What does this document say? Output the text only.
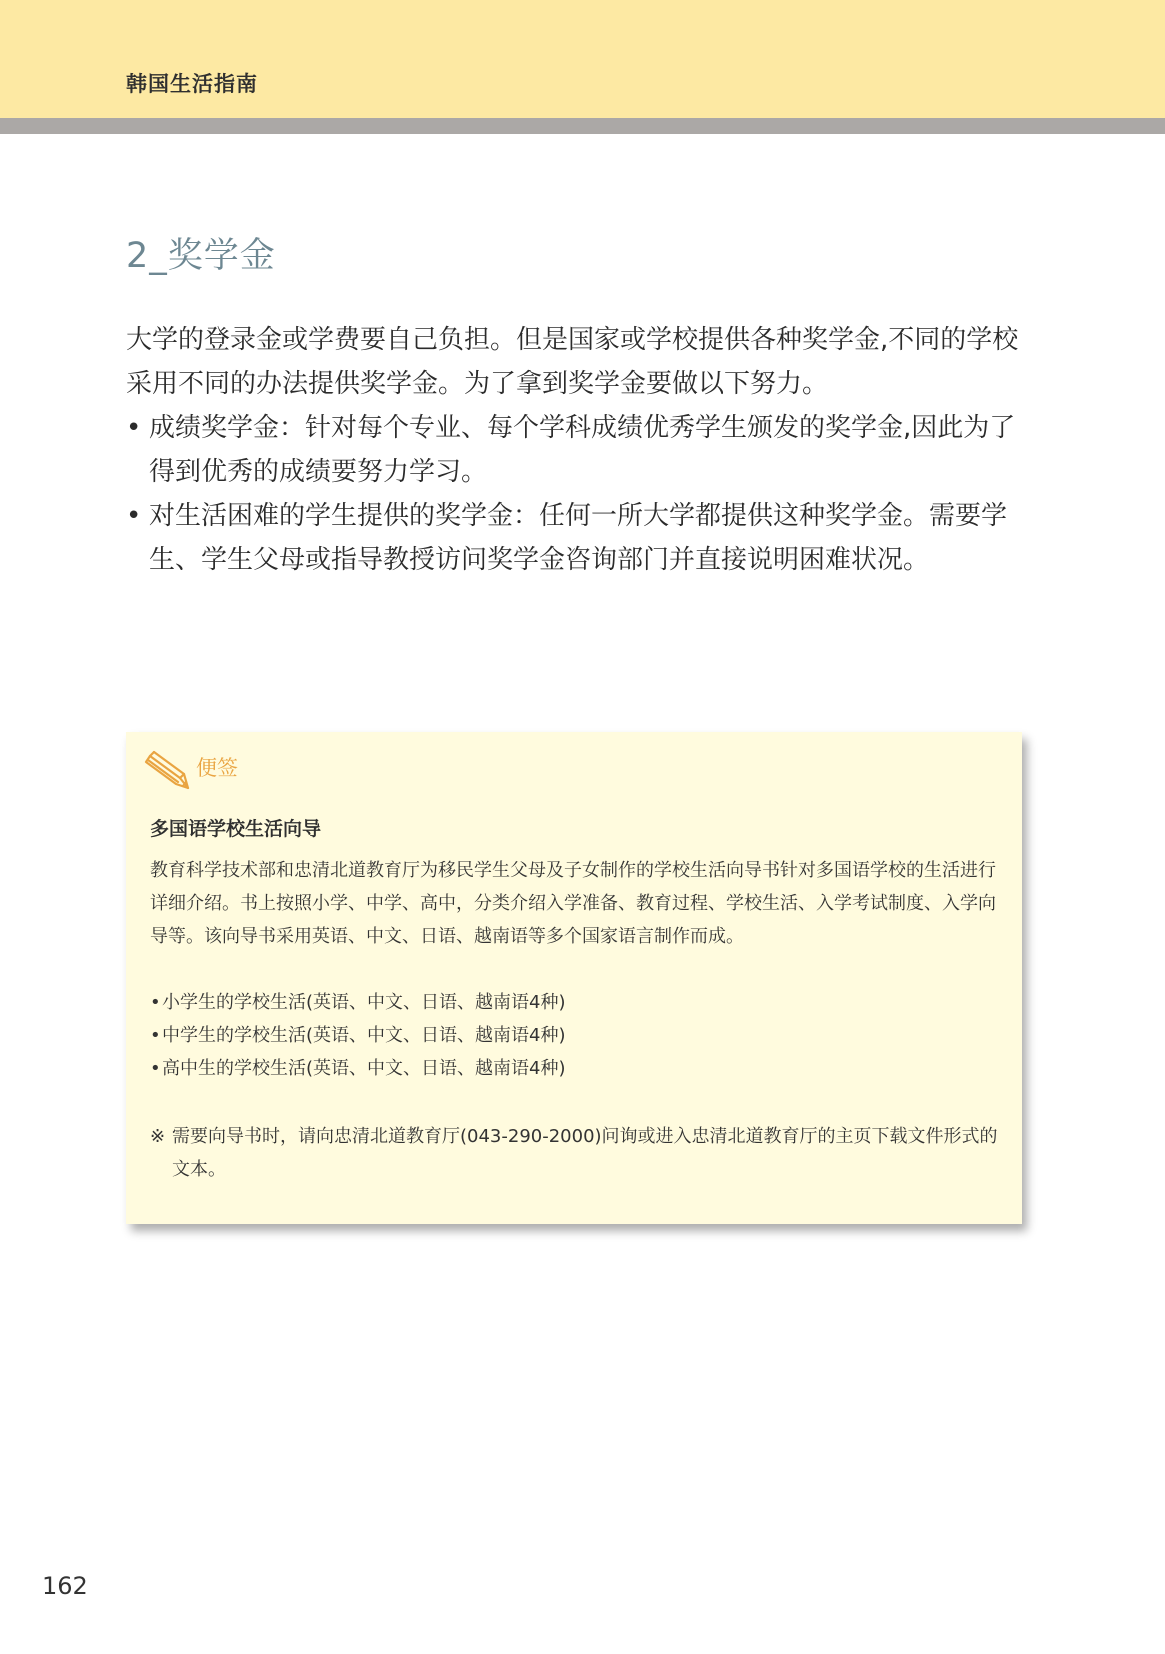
韩国生活指南
2_奖学金

大学的登录金或学费要自己负担。但是国家或学校提供各种奖学金,不同的学校采用不同的办法提供奖学金。为了拿到奖学金要做以下努力。

• 成绩奖学金：针对每个专业、每个学科成绩优秀学生颁发的奖学金,因此为了得到优秀的成绩要努力学习。
• 对生活困难的学生提供的奖学金：任何一所大学都提供这种奖学金。需要学生、学生父母或指导教授访问奖学金咨询部门并直接说明困难状况。
便签
多国语学校生活向导
教育科学技术部和忠清北道教育厅为移民学生父母及子女制作的学校生活向导书针对多国语学校的生活进行详细介绍。书上按照小学、中学、高中，分类介绍入学准备、教育过程、学校生活、入学考试制度、入学向导等。该向导书采用英语、中文、日语、越南语等多个国家语言制作而成。
• 小学生的学校生活(英语、中文、日语、越南语4种)
• 中学生的学校生活(英语、中文、日语、越南语4种)
• 高中生的学校生活(英语、中文、日语、越南语4种)
※ 需要向导书时，请向忠清北道教育厅(043-290-2000)问询或进入忠清北道教育厅的主页下载文件形式的文本。
162
